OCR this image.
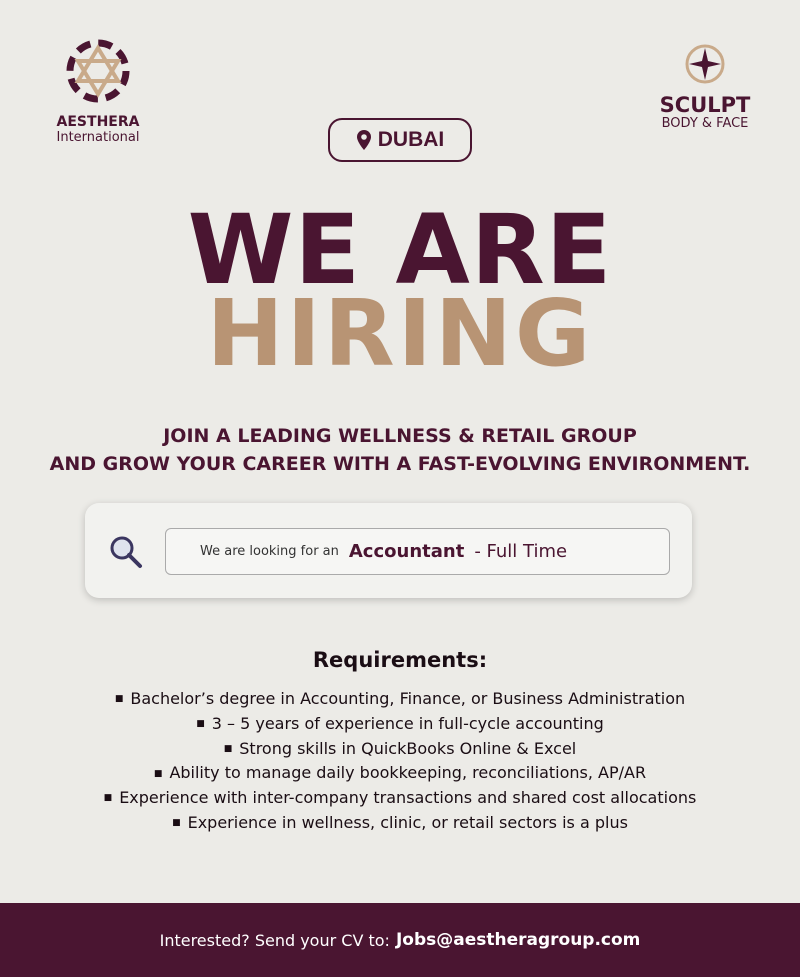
AESTHERA
International
SCULPT
BODY & FACE
DUBAI
WE ARE
HIRING
JOIN A LEADING WELLNESS & RETAIL GROUP
AND GROW YOUR CAREER WITH A FAST-EVOLVING ENVIRONMENT.
We are looking for an Accountant - Full Time
Requirements:
■ Bachelor’s degree in Accounting, Finance, or Business Administration
■ 3 – 5 years of experience in full-cycle accounting
■ Strong skills in QuickBooks Online & Excel
■ Ability to manage daily bookkeeping, reconciliations, AP/AR
■ Experience with inter-company transactions and shared cost allocations
■ Experience in wellness, clinic, or retail sectors is a plus
Interested? Send your CV to: Jobs@aestheragroup.com
